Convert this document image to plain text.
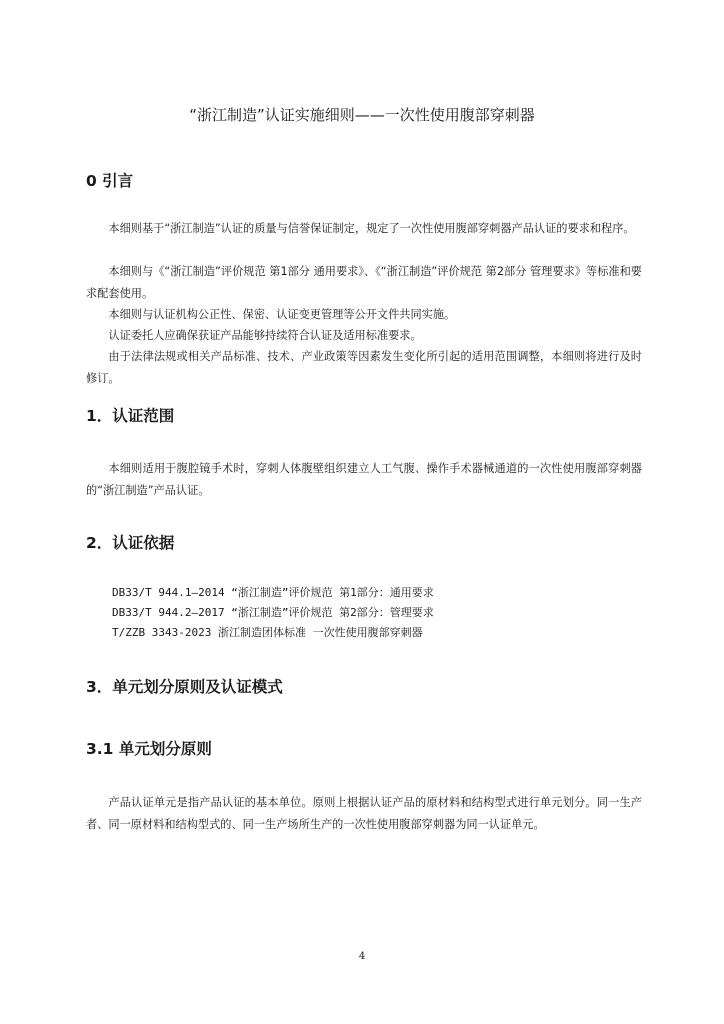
“浙江制造”认证实施细则——一次性使用腹部穿刺器
0 引言

本细则基于“浙江制造”认证的质量与信誉保证制定，规定了一次性使用腹部穿刺器产品认证的要求和程序。

本细则与《“浙江制造”评价规范 第1部分 通用要求》、《“浙江制造”评价规范 第2部分 管理要求》等标准和要求配套使用。

本细则与认证机构公正性、保密、认证变更管理等公开文件共同实施。

认证委托人应确保获证产品能够持续符合认证及适用标准要求。

由于法律法规或相关产品标准、技术、产业政策等因素发生变化所引起的适用范围调整，本细则将进行及时修订。

1．认证范围

本细则适用于腹腔镜手术时，穿刺人体腹壁组织建立人工气腹、操作手术器械通道的一次性使用腹部穿刺器的“浙江制造”产品认证。

2．认证依据
DB33/T 944.1—2014 “浙江制造”评价规范 第1部分：通用要求
DB33/T 944.2—2017 “浙江制造”评价规范 第2部分：管理要求
T/ZZB 3343-2023 浙江制造团体标准 一次性使用腹部穿刺器
3．单元划分原则及认证模式
3.1 单元划分原则

产品认证单元是指产品认证的基本单位。原则上根据认证产品的原材料和结构型式进行单元划分。同一生产者、同一原材料和结构型式的、同一生产场所生产的一次性使用腹部穿刺器为同一认证单元。

4
